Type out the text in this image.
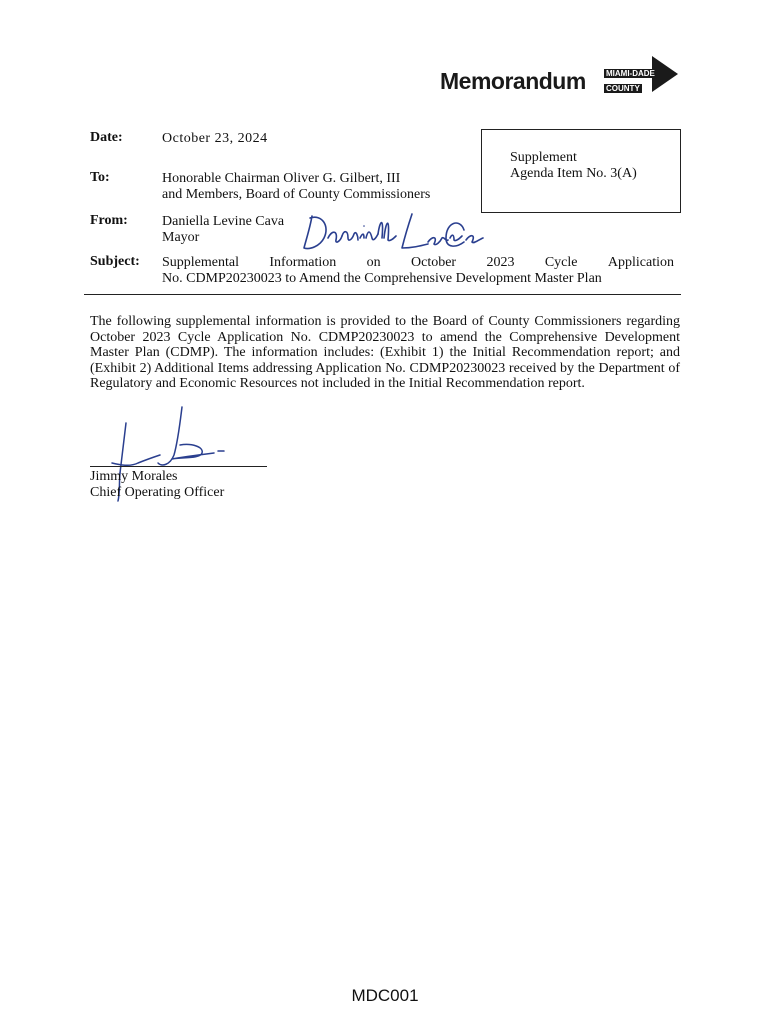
Memorandum	MIAMI-DADE
COUNTY
Date:	October 23, 2024
Supplement
Agenda Item No. 3(A)
To:	Honorable Chairman Oliver G. Gilbert, III
and Members, Board of County Commissioners
From: Daniella Levine Cava
Mayor
Subject: Supplemental Information on October 2023 Cycle Application
No. CDMP20230023 to Amend the Comprehensive Development Master Plan

The following supplemental information is provided to the Board of County Commissioners regarding October 2023 Cycle Application No. CDMP20230023 to amend the Comprehensive Development Master Plan (CDMP). The information includes: (Exhibit 1) the Initial Recommendation report; and (Exhibit 2) Additional Items addressing Application No. CDMP20230023 received by the Department of Regulatory and Economic Resources not included in the Initial Recommendation report.

Jimmy Morales
Chief Operating Officer
MDC001
